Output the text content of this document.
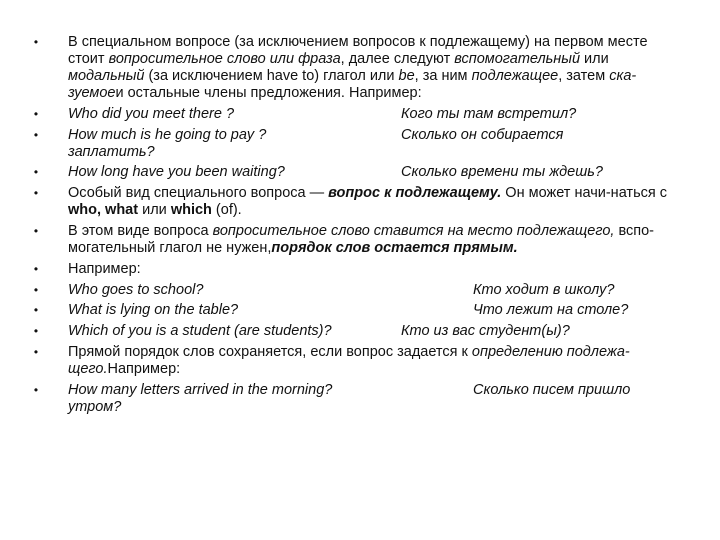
• В специальном вопросе (за исключением вопросов к подлежащему) на первом месте стоит вопросительное слово или фраза, далее следуют вспомогательный или модальный (за исключением have to) глагол или be, за ним подлежащее, затем ска-зуемоеи остальные члены предложения. Например:
• Who did you meet there ?	Кого ты там встретил?
• How much is he going to pay ?	Сколько он собирается
заплатить?
• How long have you been waiting?	Сколько времени ты ждешь?
• Особый вид специального вопроса — вопрос к подлежащему. Он может начи-наться с who, what или which (of).
• В этом виде вопроса вопросительное слово ставится на место подлежащего, вспо-могательный глагол не нужен,порядок слов остается прямым.
• Например:
• Who goes to school?	Кто ходит в школу?
• What is lying on the table?	Что лежит на столе?
• Which of you is a student (are students)?	Кто из вас студент(ы)?
• Прямой порядок слов сохраняется, если вопрос задается к определению подлежа-щего.Например:
• How many letters arrived in the morning?	Сколько писем пришло
утром?
